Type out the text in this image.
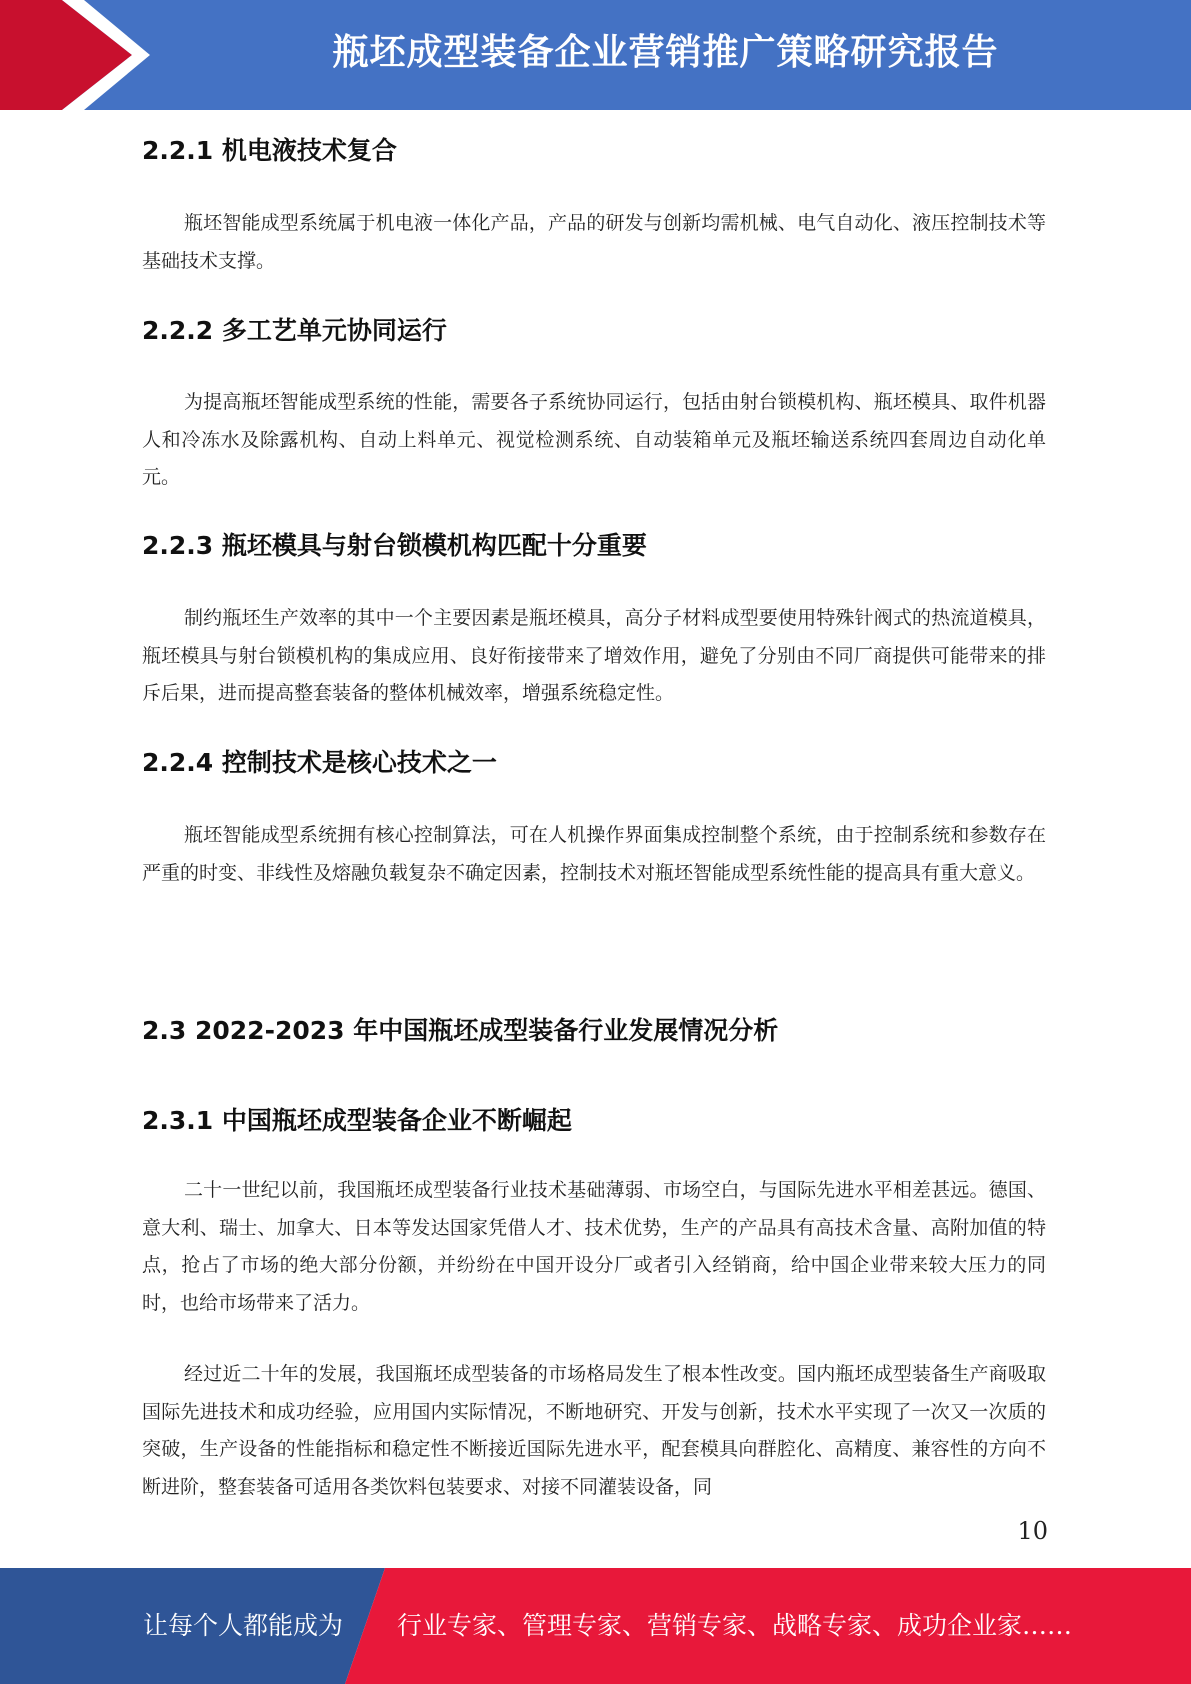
瓶坯成型装备企业营销推广策略研究报告
2.2.1 机电液技术复合

瓶坯智能成型系统属于机电液一体化产品，产品的研发与创新均需机械、电气自动化、液压控制技术等基础技术支撑。

2.2.2 多工艺单元协同运行

为提高瓶坯智能成型系统的性能，需要各子系统协同运行，包括由射台锁模机构、瓶坯模具、取件机器人和冷冻水及除露机构、自动上料单元、视觉检测系统、自动装箱单元及瓶坯输送系统四套周边自动化单元。

2.2.3 瓶坯模具与射台锁模机构匹配十分重要

制约瓶坯生产效率的其中一个主要因素是瓶坯模具，高分子材料成型要使用特殊针阀式的热流道模具，瓶坯模具与射台锁模机构的集成应用、良好衔接带来了增效作用，避免了分别由不同厂商提供可能带来的排斥后果，进而提高整套装备的整体机械效率，增强系统稳定性。

2.2.4 控制技术是核心技术之一

瓶坯智能成型系统拥有核心控制算法，可在人机操作界面集成控制整个系统，由于控制系统和参数存在严重的时变、非线性及熔融负载复杂不确定因素，控制技术对瓶坯智能成型系统性能的提高具有重大意义。

2.3 2022-2023 年中国瓶坯成型装备行业发展情况分析
2.3.1 中国瓶坯成型装备企业不断崛起

二十一世纪以前，我国瓶坯成型装备行业技术基础薄弱、市场空白，与国际先进水平相差甚远。德国、意大利、瑞士、加拿大、日本等发达国家凭借人才、技术优势，生产的产品具有高技术含量、高附加值的特点，抢占了市场的绝大部分份额，并纷纷在中国开设分厂或者引入经销商，给中国企业带来较大压力的同时，也给市场带来了活力。

经过近二十年的发展，我国瓶坯成型装备的市场格局发生了根本性改变。国内瓶坯成型装备生产商吸取国际先进技术和成功经验，应用国内实际情况，不断地研究、开发与创新，技术水平实现了一次又一次质的突破，生产设备的性能指标和稳定性不断接近国际先进水平，配套模具向群腔化、高精度、兼容性的方向不断进阶，整套装备可适用各类饮料包装要求、对接不同灌装设备，同

10
让每个人都能成为 行业专家、管理专家、营销专家、战略专家、成功企业家……
